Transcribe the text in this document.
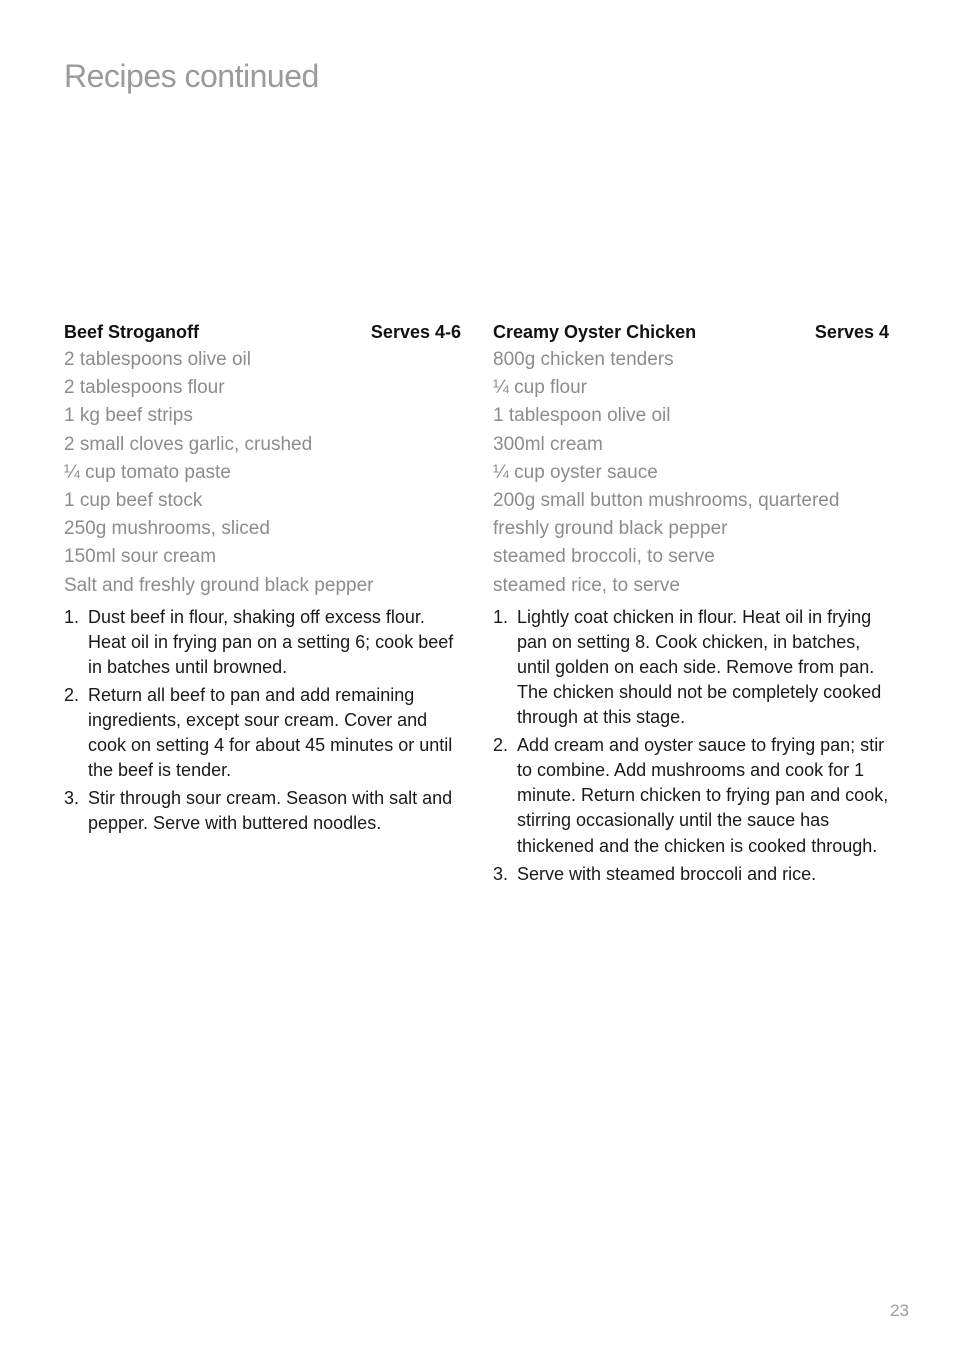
Recipes continued
Beef Stroganoff	Serves 4-6
2 tablespoons olive oil
2 tablespoons flour
1 kg beef strips
2 small cloves garlic, crushed
¼ cup tomato paste
1 cup beef stock
250g mushrooms, sliced
150ml sour cream
Salt and freshly ground black pepper
1. Dust beef in flour, shaking off excess flour. Heat oil in frying pan on a setting 6; cook beef in batches until browned.
2. Return all beef to pan and add remaining ingredients, except sour cream. Cover and cook on setting 4 for about 45 minutes or until the beef is tender.
3. Stir through sour cream. Season with salt and pepper. Serve with buttered noodles.
Creamy Oyster Chicken	Serves 4
800g chicken tenders
¼ cup flour
1 tablespoon olive oil
300ml cream
¼ cup oyster sauce
200g small button mushrooms, quartered
freshly ground black pepper
steamed broccoli, to serve
steamed rice, to serve
1. Lightly coat chicken in flour. Heat oil in frying pan on setting 8. Cook chicken, in batches, until golden on each side. Remove from pan. The chicken should not be completely cooked through at this stage.
2. Add cream and oyster sauce to frying pan; stir to combine. Add mushrooms and cook for 1 minute. Return chicken to frying pan and cook, stirring occasionally until the sauce has thickened and the chicken is cooked through.
3. Serve with steamed broccoli and rice.
23
